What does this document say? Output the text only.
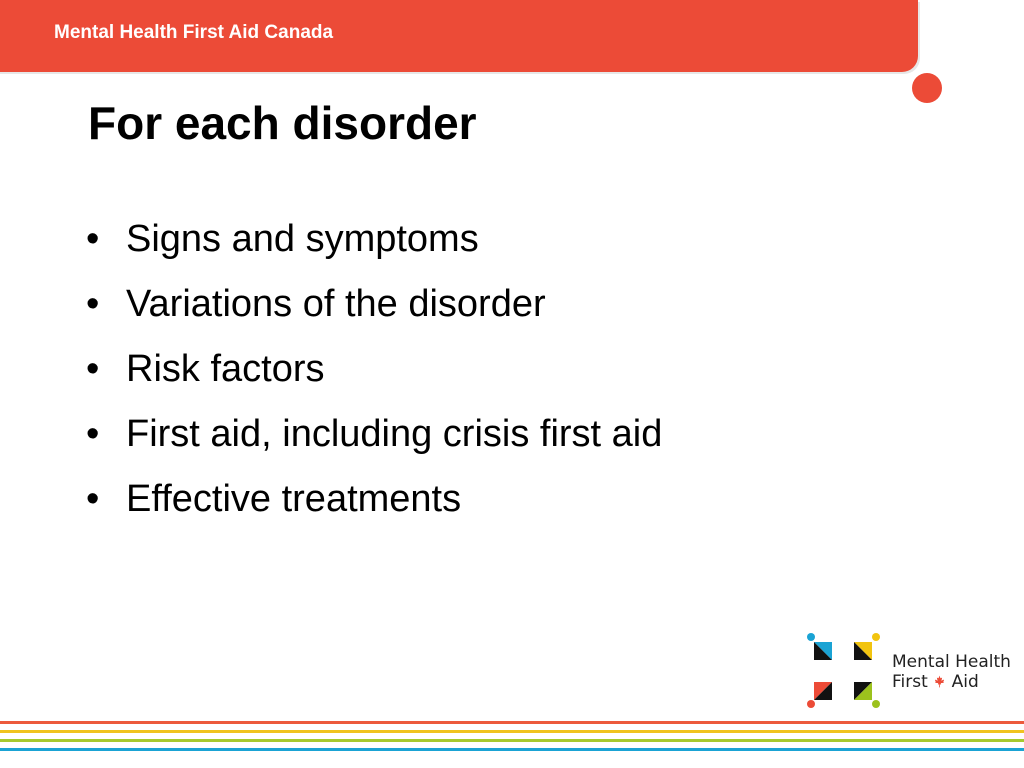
Mental Health First Aid Canada
For each disorder
• Signs and symptoms
• Variations of the disorder
• Risk factors
• First aid, including crisis first aid
• Effective treatments
Mental Health
First Aid
